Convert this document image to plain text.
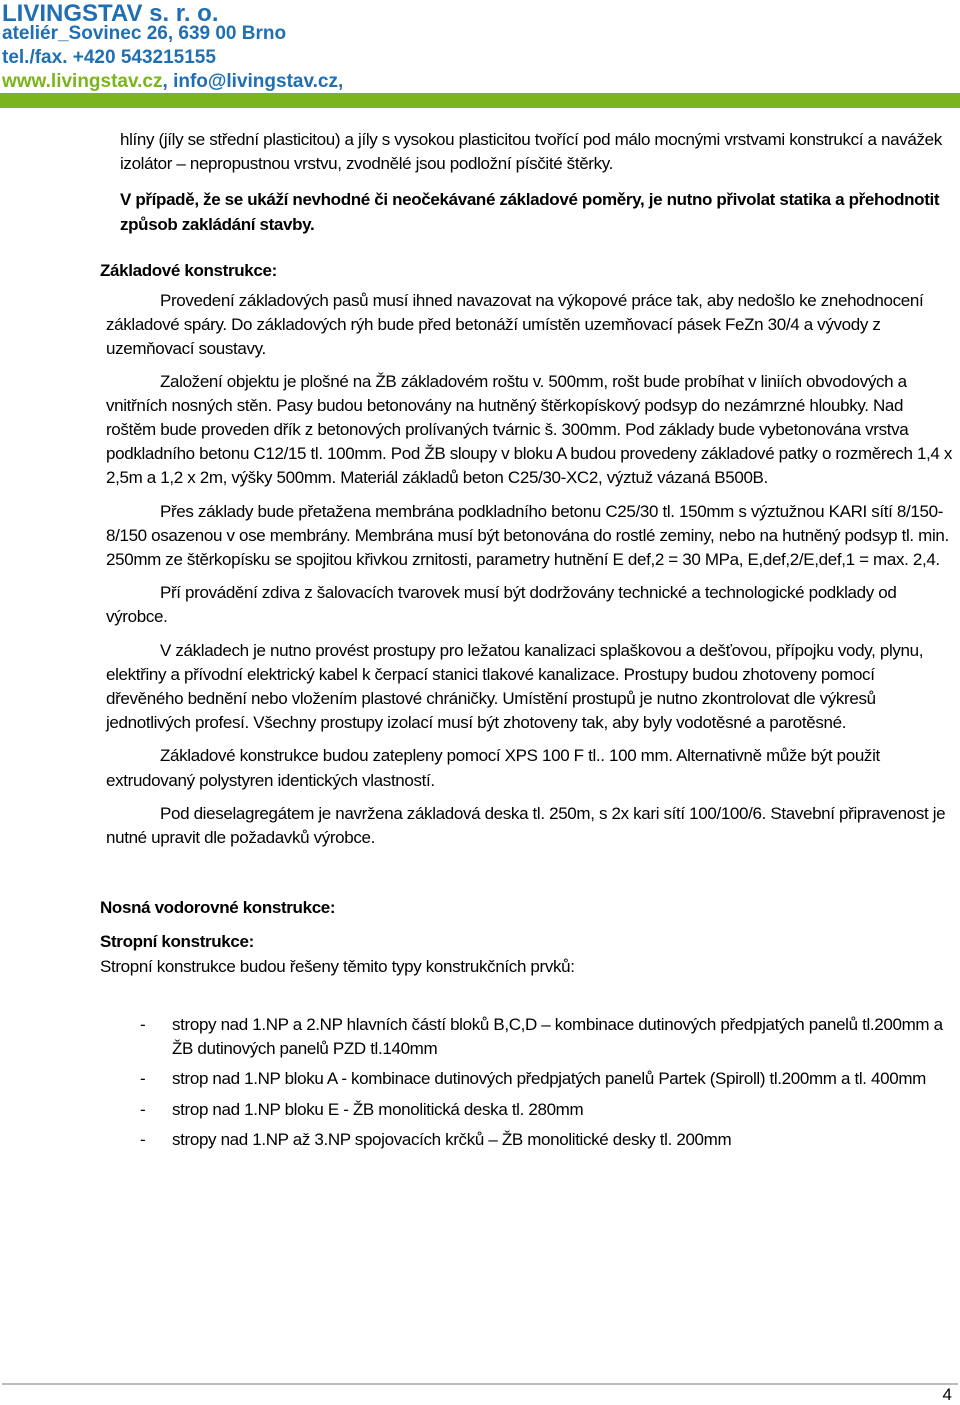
LIVINGSTAV s. r. o.
ateliér_Sovinec 26, 639 00 Brno
tel./fax. +420 543215155
www.livingstav.cz, info@livingstav.cz,

hlíny (jíly se střední plasticitou) a jíly s vysokou plasticitou tvořící pod málo mocnými vrstvami konstrukcí a navážek izolátor – nepropustnou vrstvu, zvodnělé jsou podložní písčité štěrky.

V případě, že se ukáží nevhodné či neočekávané základové poměry, je nutno přivolat statika a přehodnotit způsob zakládání stavby.

Základové konstrukce:

Provedení základových pasů musí ihned navazovat na výkopové práce tak, aby nedošlo ke znehodnocení základové spáry. Do základových rýh bude před betonáží umístěn uzemňovací pásek FeZn 30/4 a vývody z uzemňovací soustavy.

Založení objektu je plošné na ŽB základovém roštu v. 500mm, rošt bude probíhat v liniích obvodových a vnitřních nosných stěn. Pasy budou betonovány na hutněný štěrkopískový podsyp do nezámrzné hloubky. Nad roštěm bude proveden dřík z betonových prolívaných tvárnic š. 300mm. Pod základy bude vybetonována vrstva podkladního betonu C12/15 tl. 100mm. Pod ŽB sloupy v bloku A budou provedeny základové patky o rozměrech 1,4 x 2,5m a 1,2 x 2m, výšky 500mm. Materiál základů beton C25/30-XC2, výztuž vázaná B500B.

Přes základy bude přetažena membrána podkladního betonu C25/30 tl. 150mm s výztužnou KARI sítí 8/150-8/150 osazenou v ose membrány. Membrána musí být betonována do rostlé zeminy, nebo na hutněný podsyp tl. min. 250mm ze štěrkopísku se spojitou křivkou zrnitosti, parametry hutnění E def,2 = 30 MPa, E,def,2/E,def,1 = max. 2,4.

Pří provádění zdiva z šalovacích tvarovek musí být dodržovány technické a technologické podklady od výrobce.

V základech je nutno provést prostupy pro ležatou kanalizaci splaškovou a dešťovou, přípojku vody, plynu, elektřiny a přívodní elektrický kabel k čerpací stanici tlakové kanalizace. Prostupy budou zhotoveny pomocí dřevěného bednění nebo vložením plastové chráničky. Umístění prostupů je nutno zkontrolovat dle výkresů jednotlivých profesí. Všechny prostupy izolací musí být zhotoveny tak, aby byly vodotěsné a parotěsné.

Základové konstrukce budou zatepleny pomocí XPS 100 F tl.. 100 mm. Alternativně může být použit extrudovaný polystyren identických vlastností.

Pod dieselagregátem je navržena základová deska tl. 250m, s 2x kari sítí 100/100/6. Stavební připravenost je nutné upravit dle požadavků výrobce.

Nosná vodorovné konstrukce:

Stropní konstrukce:

Stropní konstrukce budou řešeny těmito typy konstrukčních prvků:

- stropy nad 1.NP a 2.NP hlavních částí bloků B,C,D – kombinace dutinových předpjatých panelů tl.200mm a ŽB dutinových panelů PZD tl.140mm
- strop nad 1.NP bloku A - kombinace dutinových předpjatých panelů Partek (Spiroll) tl.200mm a tl. 400mm
- strop nad 1.NP bloku E - ŽB monolitická deska tl. 280mm
- stropy nad 1.NP až 3.NP spojovacích krčků – ŽB monolitické desky tl. 200mm
4
